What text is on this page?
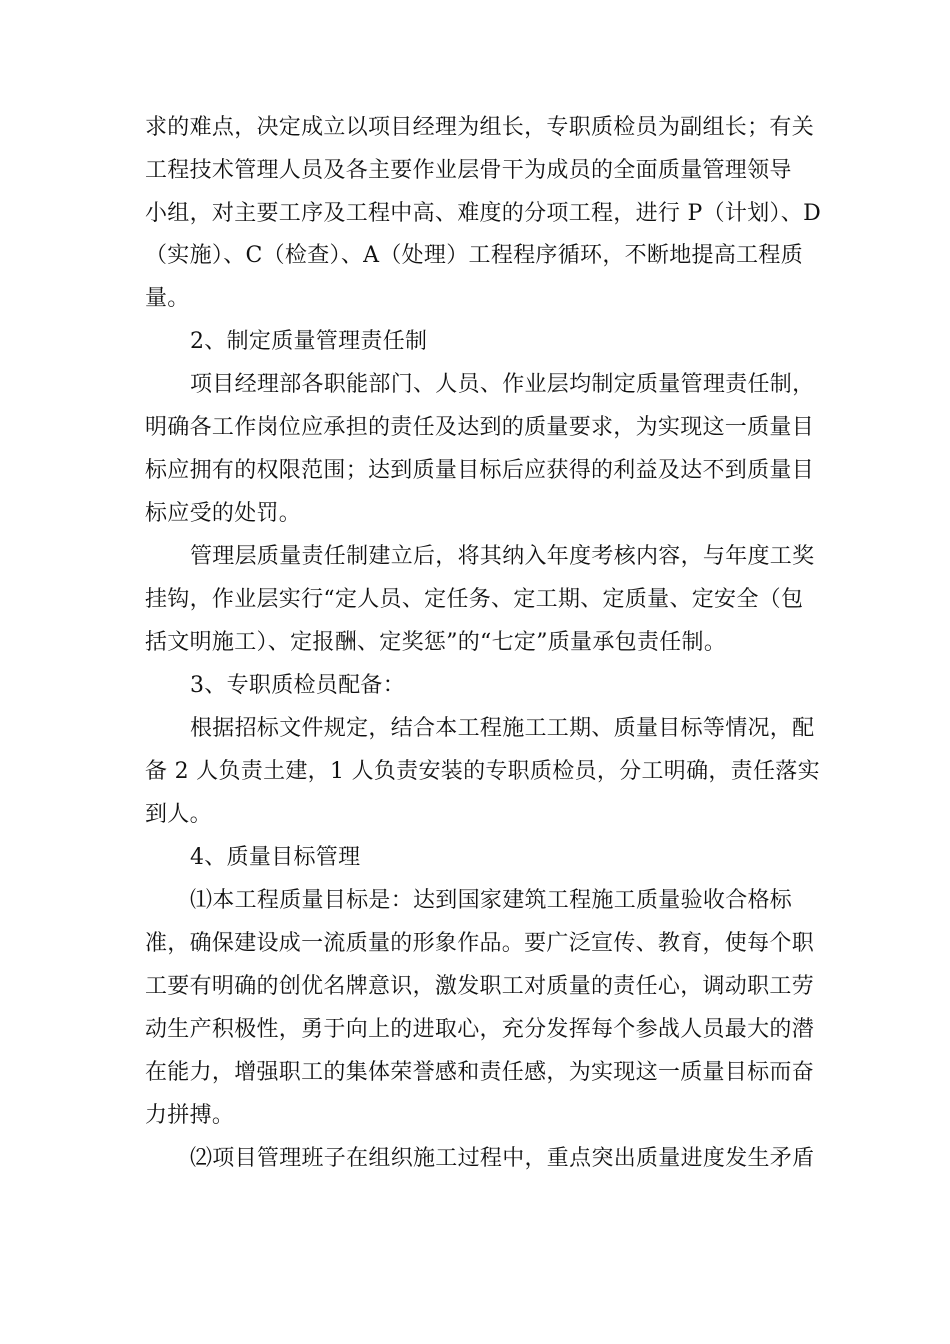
求的难点，决定成立以项目经理为组长，专职质检员为副组长；有关
工程技术管理人员及各主要作业层骨干为成员的全面质量管理领导
小组，对主要工序及工程中高、难度的分项工程，进行 P（计划）、D
（实施）、C（检查）、A（处理）工程程序循环，不断地提高工程质
量。
2、制定质量管理责任制
项目经理部各职能部门、人员、作业层均制定质量管理责任制，
明确各工作岗位应承担的责任及达到的质量要求，为实现这一质量目
标应拥有的权限范围；达到质量目标后应获得的利益及达不到质量目
标应受的处罚。
管理层质量责任制建立后，将其纳入年度考核内容，与年度工奖
挂钩，作业层实行“定人员、定任务、定工期、定质量、定安全（包
括文明施工）、定报酬、定奖惩”的“七定”质量承包责任制。
3、专职质检员配备：
根据招标文件规定，结合本工程施工工期、质量目标等情况，配
备 2 人负责土建，1 人负责安装的专职质检员，分工明确，责任落实
到人。
4、质量目标管理
⑴本工程质量目标是：达到国家建筑工程施工质量验收合格标
准，确保建设成一流质量的形象作品。要广泛宣传、教育，使每个职
工要有明确的创优名牌意识，激发职工对质量的责任心，调动职工劳
动生产积极性，勇于向上的进取心，充分发挥每个参战人员最大的潜
在能力，增强职工的集体荣誉感和责任感，为实现这一质量目标而奋
力拼搏。
⑵项目管理班子在组织施工过程中，重点突出质量进度发生矛盾
